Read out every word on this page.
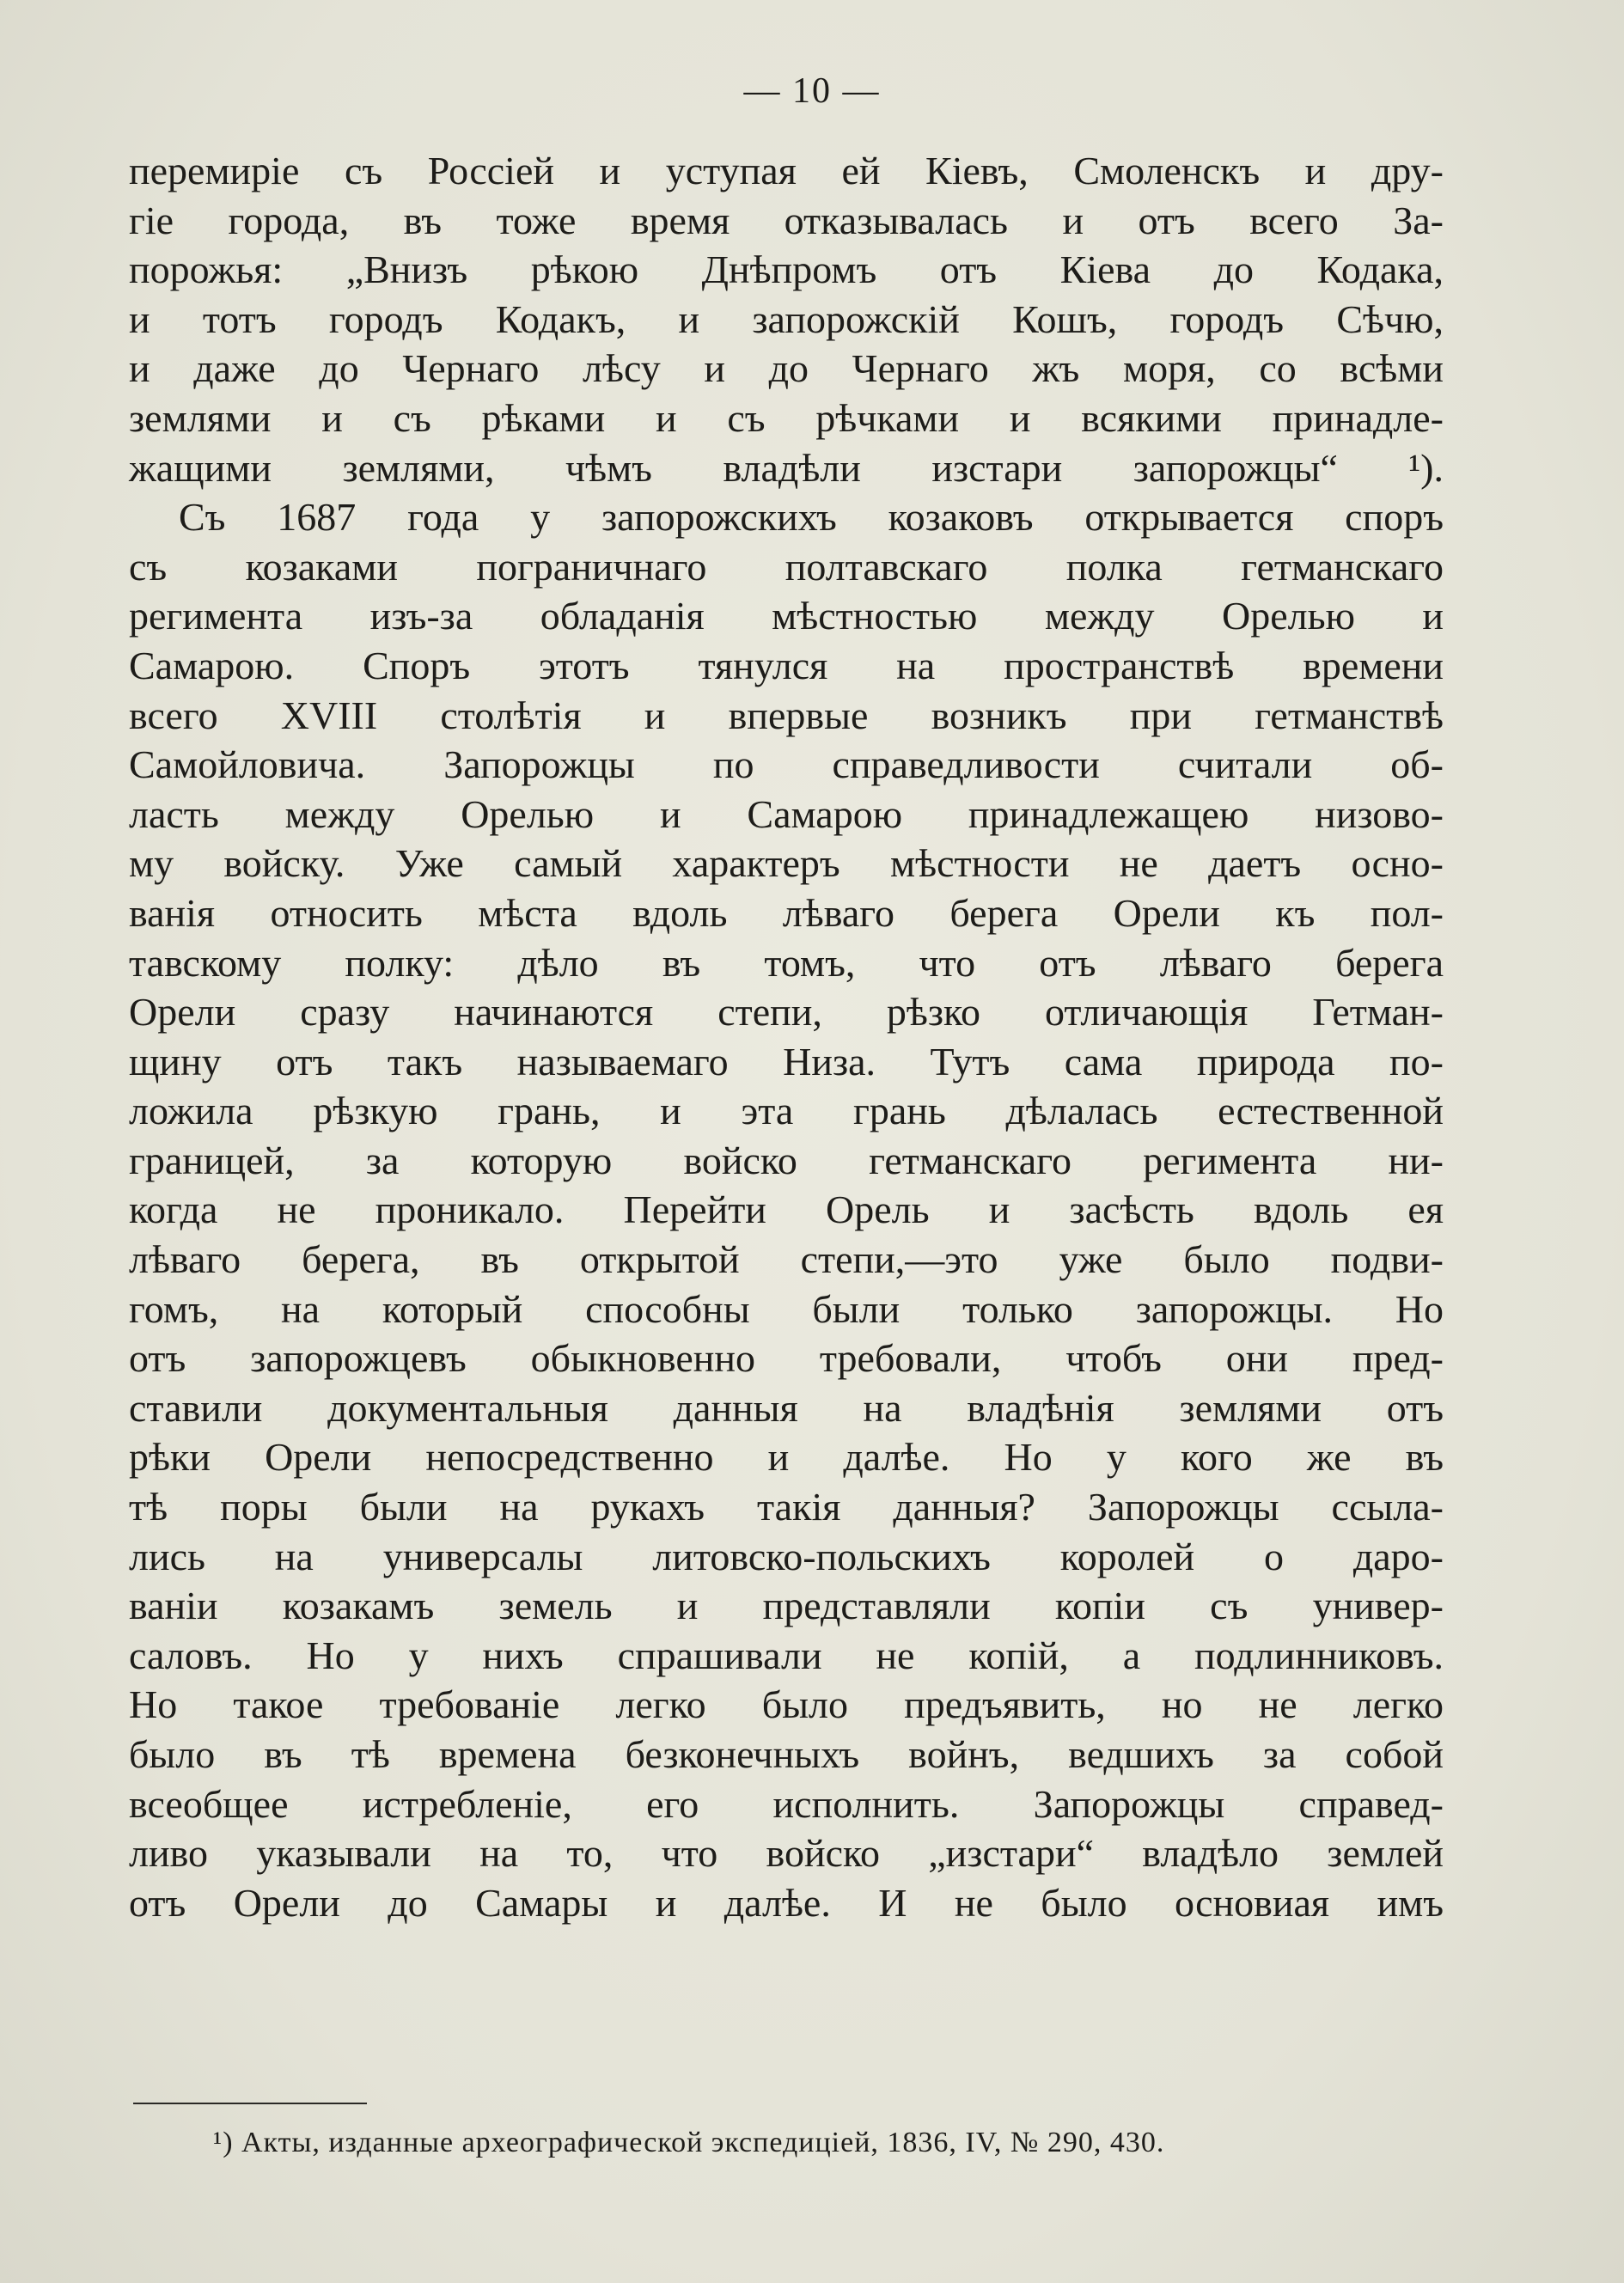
— 10 —
перемиріе съ Россіей и уступая ей Кіевъ, Смоленскъ и дру-
гіе города, въ тоже время отказывалась и отъ всего За-
порожья: „Внизъ рѣкою Днѣпромъ отъ Кіева до Кодака,
и тотъ городъ Кодакъ, и запорожскій Кошъ, городъ Сѣчю,
и даже до Чернаго лѣсу и до Чернаго жъ моря, со всѣми
землями и съ рѣками и съ рѣчками и всякими принадле-
жащими землями, чѣмъ владѣли изстари запорожцы“ ¹).
Съ 1687 года у запорожскихъ козаковъ открывается споръ
съ козаками пограничнаго полтавскаго полка гетманскаго
регимента изъ-за обладанія мѣстностью между Орелью и
Самарою. Споръ этотъ тянулся на пространствѣ времени
всего XVIII столѣтія и впервые возникъ при гетманствѣ
Самойловича. Запорожцы по справедливости считали об-
ласть между Орелью и Самарою принадлежащею низово-
му войску. Уже самый характеръ мѣстности не даетъ осно-
ванія относить мѣста вдоль лѣваго берега Орели къ пол-
тавскому полку: дѣло въ томъ, что отъ лѣваго берега
Орели сразу начинаются степи, рѣзко отличающія Гетман-
щину отъ такъ называемаго Низа. Тутъ сама природа по-
ложила рѣзкую грань, и эта грань дѣлалась естественной
границей, за которую войско гетманскаго регимента ни-
когда не проникало. Перейти Орель и засѣсть вдоль ея
лѣваго берега, въ открытой степи,—это уже было подви-
гомъ, на который способны были только запорожцы. Но
отъ запорожцевъ обыкновенно требовали, чтобъ они пред-
ставили документальныя данныя на владѣнія землями отъ
рѣки Орели непосредственно и далѣе. Но у кого же въ
тѣ поры были на рукахъ такія данныя? Запорожцы ссыла-
лись на универсалы литовско-польскихъ королей о даро-
ваніи козакамъ земель и представляли копіи съ универ-
саловъ. Но у нихъ спрашивали не копій, а подлинниковъ.
Но такое требованіе легко было предъявить, но не легко
было въ тѣ времена безконечныхъ войнъ, ведшихъ за собой
всеобщее истребленіе, его исполнить. Запорожцы справед-
ливо указывали на то, что войско „изстари“ владѣло землей
отъ Орели до Самары и далѣе. И не было основиая имъ
¹) Акты, изданные археографической экспедиціей, 1836, IV, № 290, 430.
